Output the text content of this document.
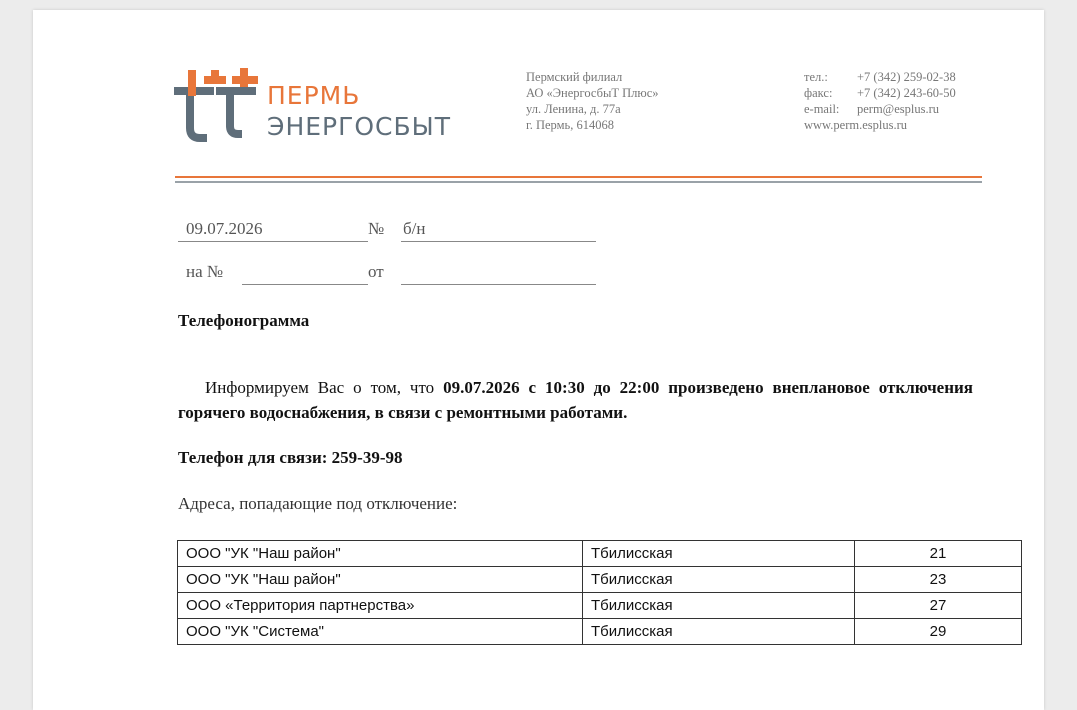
ПЕРМЬ
ЭНЕРГОСБЫТ
Пермский филиал
АО «ЭнергосбыТ Плюс»
ул. Ленина, д. 77а
г. Пермь, 614068
тел.: +7 (342) 259-02-38
факс: +7 (342) 243-60-50
e-mail: perm@esplus.ru
www.perm.esplus.ru
09.07.2026	№ б/н
на №	от
Телефонограмма
Информируем Вас о том, что 09.07.2026 с 10:30 до 22:00 произведено внеплановое отключения горячего водоснабжения, в связи с ремонтными работами.
Телефон для связи: 259-39-98
Адреса, попадающие под отключение:
ООО "УК "Наш район"	Тбилисская	21
ООО "УК "Наш район"	Тбилисская	23
ООО «Территория партнерства»	Тбилисская	27
ООО "УК "Система"	Тбилисская	29
